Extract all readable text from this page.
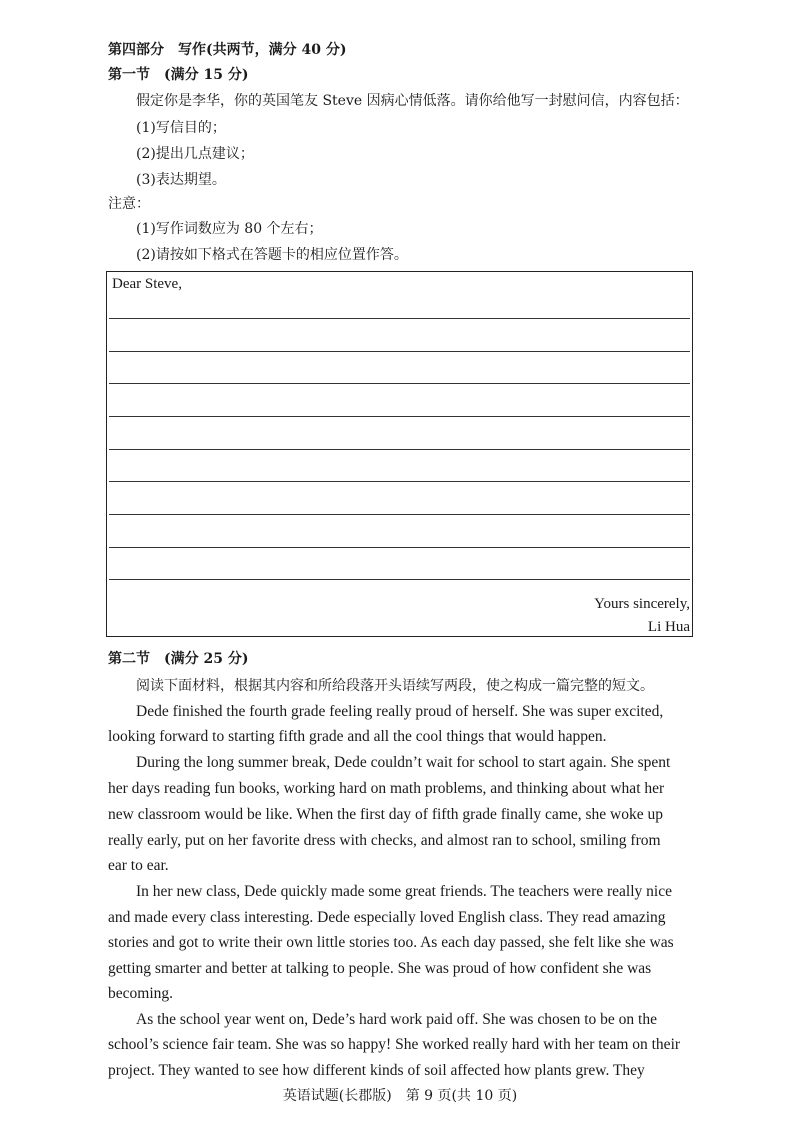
第四部分　写作(共两节，满分 40 分)
第一节　(满分 15 分)
假定你是李华，你的英国笔友 Steve 因病心情低落。请你给他写一封慰问信，内容包括：
(1)写信目的；
(2)提出几点建议；
(3)表达期望。
注意：
(1)写作词数应为 80 个左右；
(2)请按如下格式在答题卡的相应位置作答。
Dear Steve,
Yours sincerely,
Li Hua
第二节　(满分 25 分)
阅读下面材料，根据其内容和所给段落开头语续写两段，使之构成一篇完整的短文。
Dede finished the fourth grade feeling really proud of herself. She was super excited,
looking forward to starting fifth grade and all the cool things that would happen.
During the long summer break, Dede couldn’t wait for school to start again. She spent
her days reading fun books, working hard on math problems, and thinking about what her
new classroom would be like. When the first day of fifth grade finally came, she woke up
really early, put on her favorite dress with checks, and almost ran to school, smiling from
ear to ear.
In her new class, Dede quickly made some great friends. The teachers were really nice
and made every class interesting. Dede especially loved English class. They read amazing
stories and got to write their own little stories too. As each day passed, she felt like she was
getting smarter and better at talking to people. She was proud of how confident she was
becoming.
As the school year went on, Dede’s hard work paid off. She was chosen to be on the
school’s science fair team. She was so happy! She worked really hard with her team on their
project. They wanted to see how different kinds of soil affected how plants grew. They
英语试题(长郡版)　第 9 页(共 10 页)
